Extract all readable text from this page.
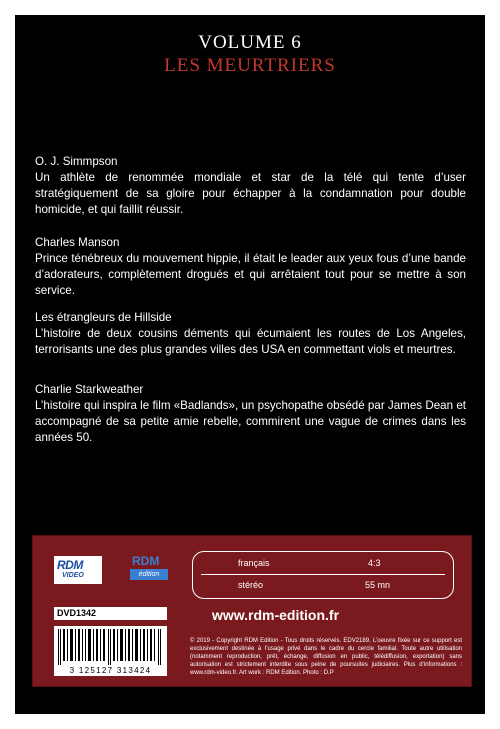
VOLUME 6
LES MEURTRIERS
O. J. Simmpson
Un athlète de renommée mondiale et star de la télé qui tente d’user stratégiquement de sa gloire pour échapper à la condamnation pour double homicide, et qui faillit réussir.
Charles Manson
Prince ténébreux du mouvement hippie, il était le leader aux yeux fous d’une bande d’adorateurs, complètement drogués et qui arrêtaient tout pour se mettre à son service.
Les étrangleurs de Hillside
L’histoire de deux cousins déments qui écumaient les routes de Los Angeles, terrorisants une des plus grandes villes des USA en commettant viols et meurtres.
Charlie Starkweather
L’histoire qui inspira le film «Badlands», un psychopathe obsédé par James Dean et accompagné de sa petite amie rebelle, commirent une vague de crimes dans les années 50.
RDM
VIDEO
RDM
édition
français	4:3
stéréo	55 mn
DVD1342
3 125127 313424
www.rdm-edition.fr
© 2019 - Copyright RDM Edition - Tous droits réservés. EDV2189. L’oeuvre fixée sur ce support est exclusivement destinée à l’usage privé dans le cadre du cercle familial. Toute autre utilisation (notamment reproduction, prêt, échange, diffusion en public, télédiffusion, exportation) sans autorisation est strictement interdite sous peine de poursuites judiciaires. Plus d’informations : www.rdm-video.fr. Art work : RDM Edition. Photo : D.P
